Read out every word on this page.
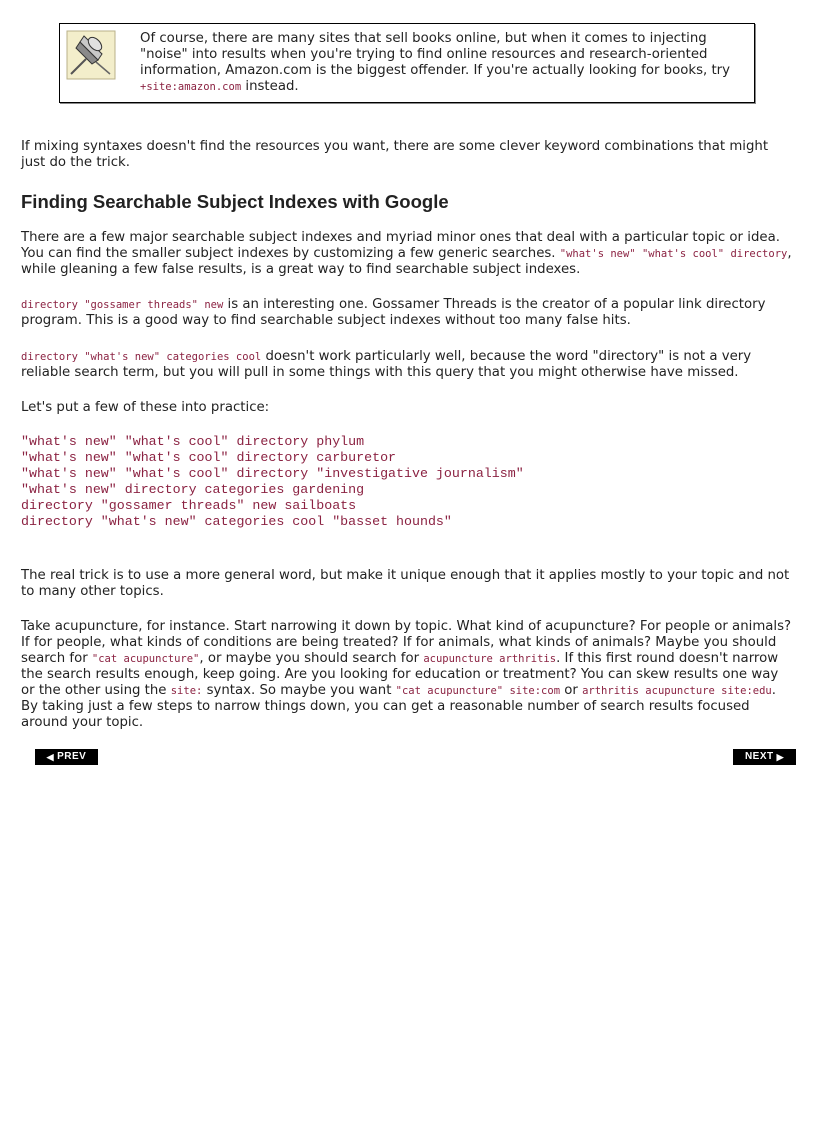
Of course, there are many sites that sell books online, but when it comes to injecting "noise" into results when you're trying to find online resources and research-oriented information, Amazon.com is the biggest offender. If you're actually looking for books, try +site:amazon.com instead.

If mixing syntaxes doesn't find the resources you want, there are some clever keyword combinations that might just do the trick.

Finding Searchable Subject Indexes with Google

There are a few major searchable subject indexes and myriad minor ones that deal with a particular topic or idea. You can find the smaller subject indexes by customizing a few generic searches. "what's new" "what's cool" directory, while gleaning a few false results, is a great way to find searchable subject indexes.

directory "gossamer threads" new is an interesting one. Gossamer Threads is the creator of a popular link directory program. This is a good way to find searchable subject indexes without too many false hits.

directory "what's new" categories cool doesn't work particularly well, because the word "directory" is not a very reliable search term, but you will pull in some things with this query that you might otherwise have missed.

Let's put a few of these into practice:

"what's new" "what's cool" directory phylum
"what's new" "what's cool" directory carburetor
"what's new" "what's cool" directory "investigative journalism"
"what's new" directory categories gardening
directory "gossamer threads" new sailboats
directory "what's new" categories cool "basset hounds"

The real trick is to use a more general word, but make it unique enough that it applies mostly to your topic and not to many other topics.

Take acupuncture, for instance. Start narrowing it down by topic. What kind of acupuncture? For people or animals? If for people, what kinds of conditions are being treated? If for animals, what kinds of animals? Maybe you should search for "cat acupuncture", or maybe you should search for acupuncture arthritis. If this first round doesn't narrow the search results enough, keep going. Are you looking for education or treatment? You can skew results one way or the other using the site: syntax. So maybe you want "cat acupuncture" site:com or arthritis acupuncture site:edu. By taking just a few steps to narrow things down, you can get a reasonable number of search results focused around your topic.

◀ PREV	NEXT ▶
